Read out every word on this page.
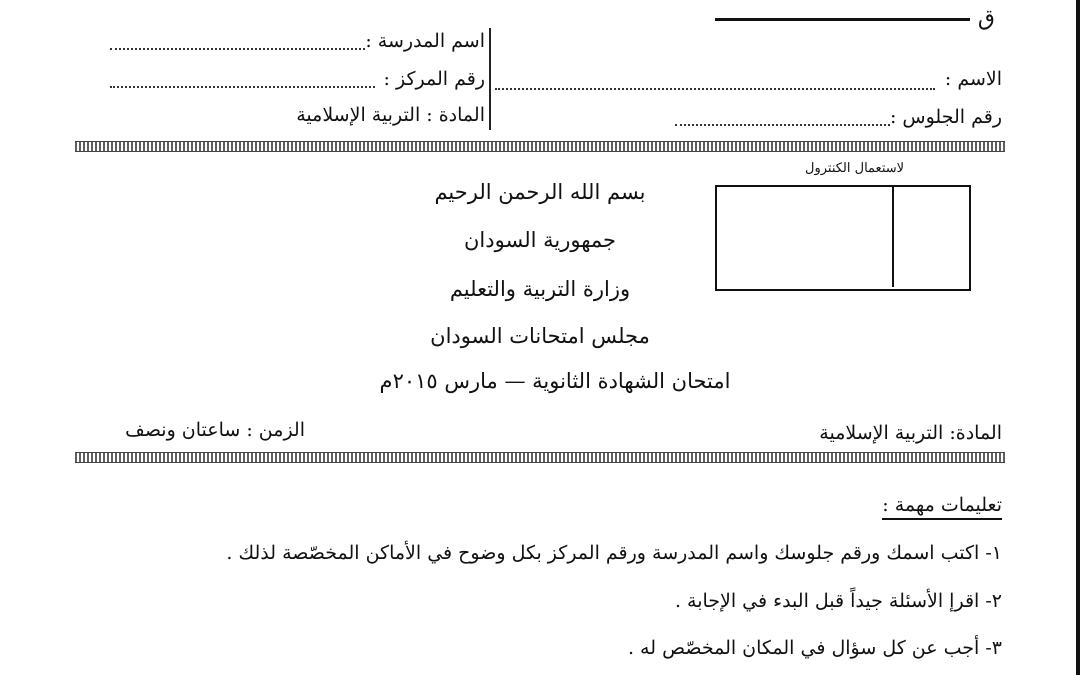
ق
اسم المدرسة :
رقم المركز :
المادة : التربية الإسلامية
الاسم :
رقم الجلوس :
لاستعمال الكنترول
بسم الله الرحمن الرحيم
جمهورية السودان
وزارة التربية والتعليم
مجلس امتحانات السودان
امتحان الشهادة الثانوية — مارس ٢٠١٥م
المادة: التربية الإسلامية
الزمن : ساعتان ونصف
تعليمات مهمة :
١- اكتب اسمك ورقم جلوسك واسم المدرسة ورقم المركز بكل وضوح في الأماكن المخصّصة لذلك .
٢- اقرإ الأسئلة جيداً قبل البدء في الإجابة .
٣- أجب عن كل سؤال في المكان المخصّص له .
